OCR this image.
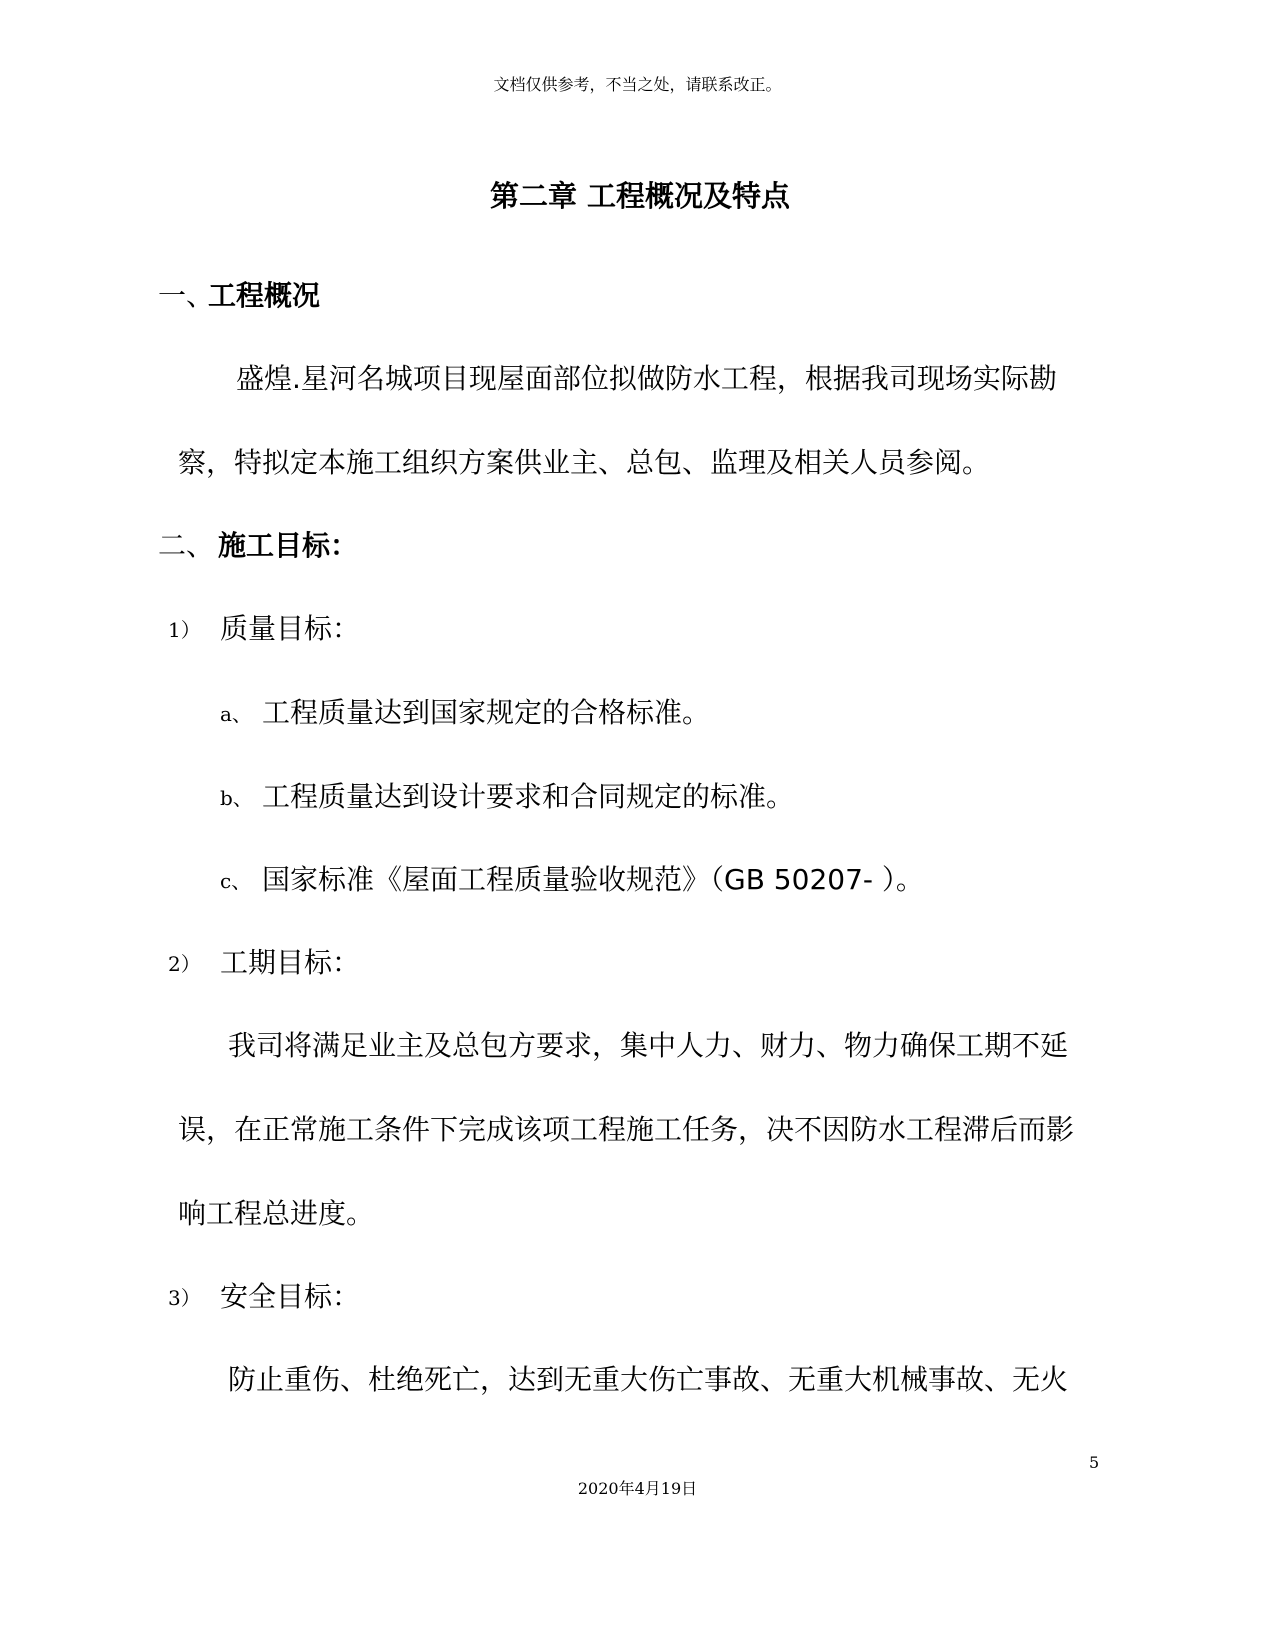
文档仅供参考，不当之处，请联系改正。
第二章 工程概况及特点
一、工程概况
盛煌.星河名城项目现屋面部位拟做防水工程，根据我司现场实际勘
察，特拟定本施工组织方案供业主、总包、监理及相关人员参阅。
二、 施工目标：
1） 质量目标：
a、 工程质量达到国家规定的合格标准。
b、 工程质量达到设计要求和合同规定的标准。
c、 国家标准《屋面工程质量验收规范》（GB 50207- ）。
2） 工期目标：
我司将满足业主及总包方要求，集中人力、财力、物力确保工期不延
误，在正常施工条件下完成该项工程施工任务，决不因防水工程滞后而影
响工程总进度。
3） 安全目标：
防止重伤、杜绝死亡，达到无重大伤亡事故、无重大机械事故、无火
5
2020年4月19日
